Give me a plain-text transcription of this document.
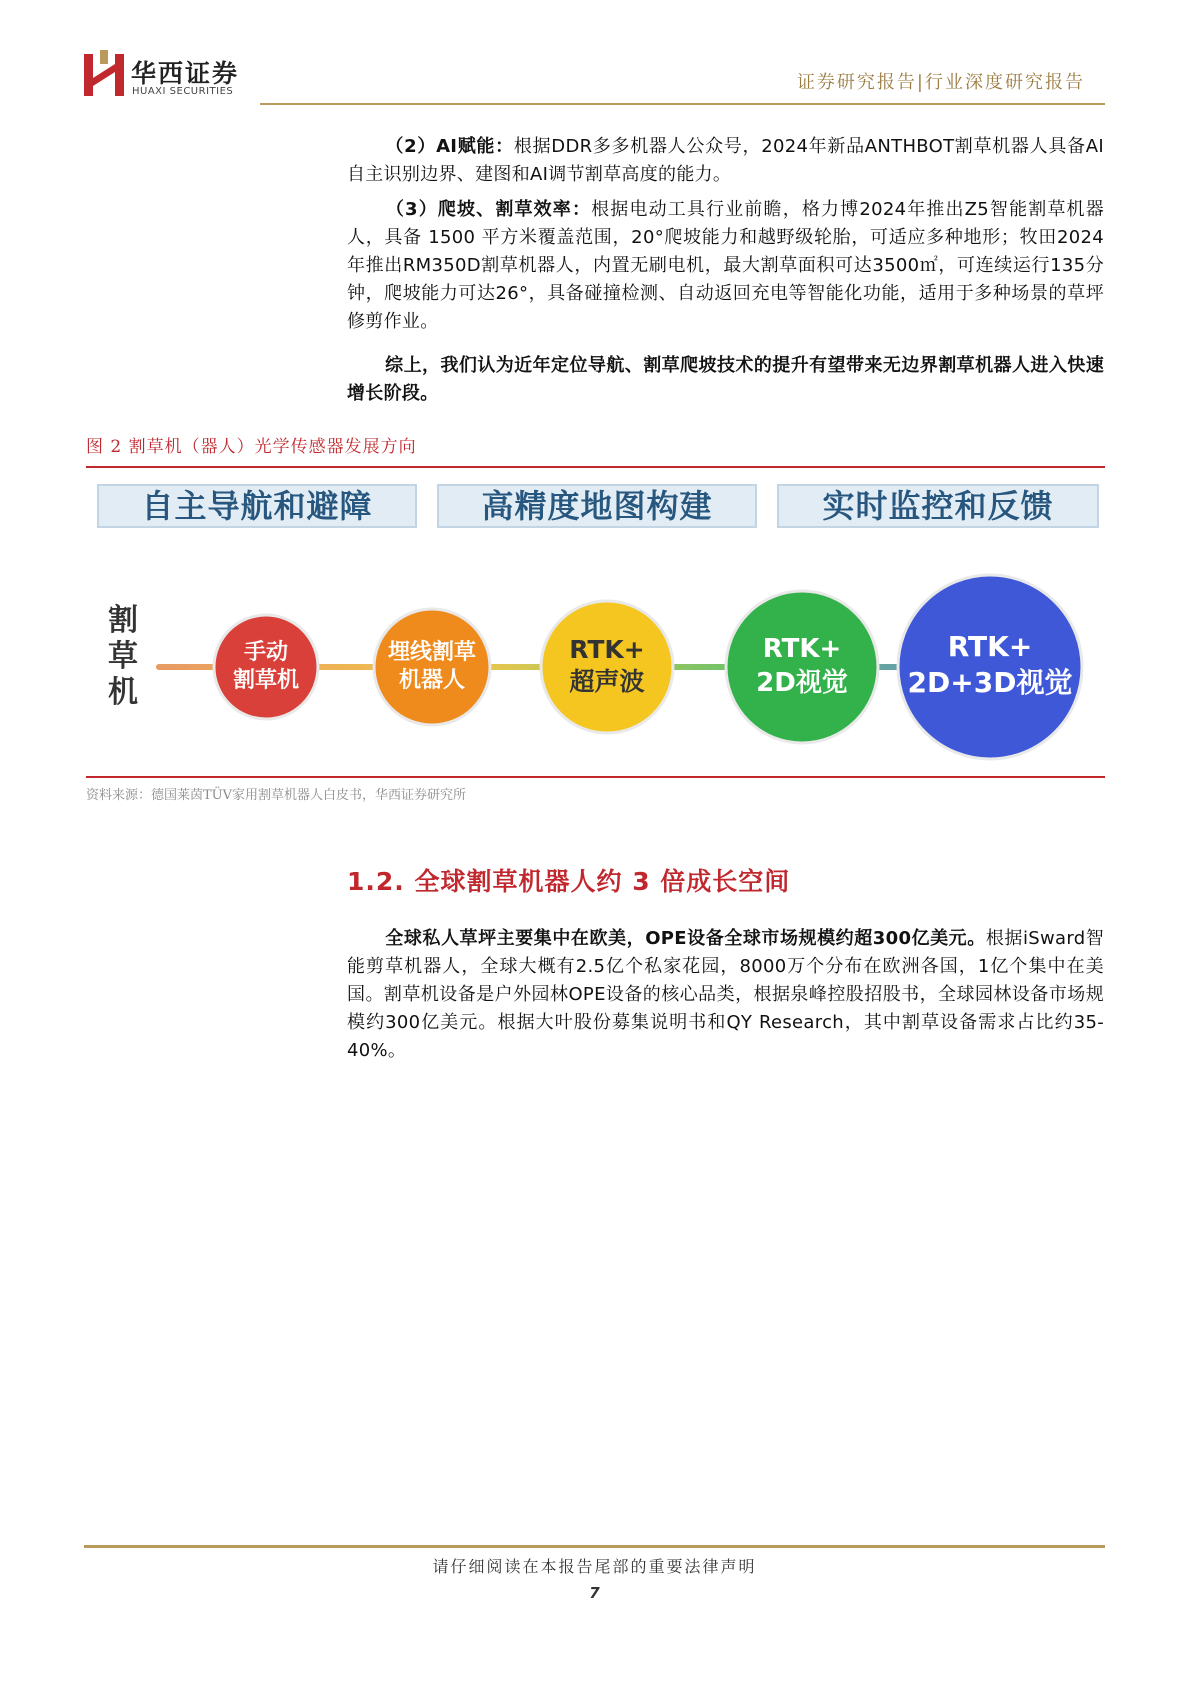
华西证券
HUAXI SECURITIES	证券研究报告|行业深度研究报告
（2）AI赋能：根据DDR多多机器人公众号，2024年新品ANTHBOT割草机器人具备AI自主识别边界、建图和AI调节割草高度的能力。
（3）爬坡、割草效率：根据电动工具行业前瞻，格力博2024年推出Z5智能割草机器人，具备 1500 平方米覆盖范围，20°爬坡能力和越野级轮胎，可适应多种地形；牧田2024年推出RM350D割草机器人，内置无刷电机，最大割草面积可达3500㎡，可连续运行135分钟，爬坡能力可达26°，具备碰撞检测、自动返回充电等智能化功能，适用于多种场景的草坪修剪作业。
综上，我们认为近年定位导航、割草爬坡技术的提升有望带来无边界割草机器人进入快速增长阶段。
图 2 割草机（器人）光学传感器发展方向
自主导航和避障	高精度地图构建	实时监控和反馈
割
草
机
手动
割草机
埋线割草
机器人
RTK+
超声波
RTK+
2D视觉
RTK+
2D+3D视觉
资料来源：德国莱茵TÜV家用割草机器人白皮书，华西证券研究所
1.2. 全球割草机器人约 3 倍成长空间
全球私人草坪主要集中在欧美，OPE设备全球市场规模约超300亿美元。根据iSward智能剪草机器人，全球大概有2.5亿个私家花园，8000万个分布在欧洲各国，1亿个集中在美国。割草机设备是户外园林OPE设备的核心品类，根据泉峰控股招股书，全球园林设备市场规模约300亿美元。根据大叶股份募集说明书和QY Research，其中割草设备需求占比约35-40%。
请仔细阅读在本报告尾部的重要法律声明
7
